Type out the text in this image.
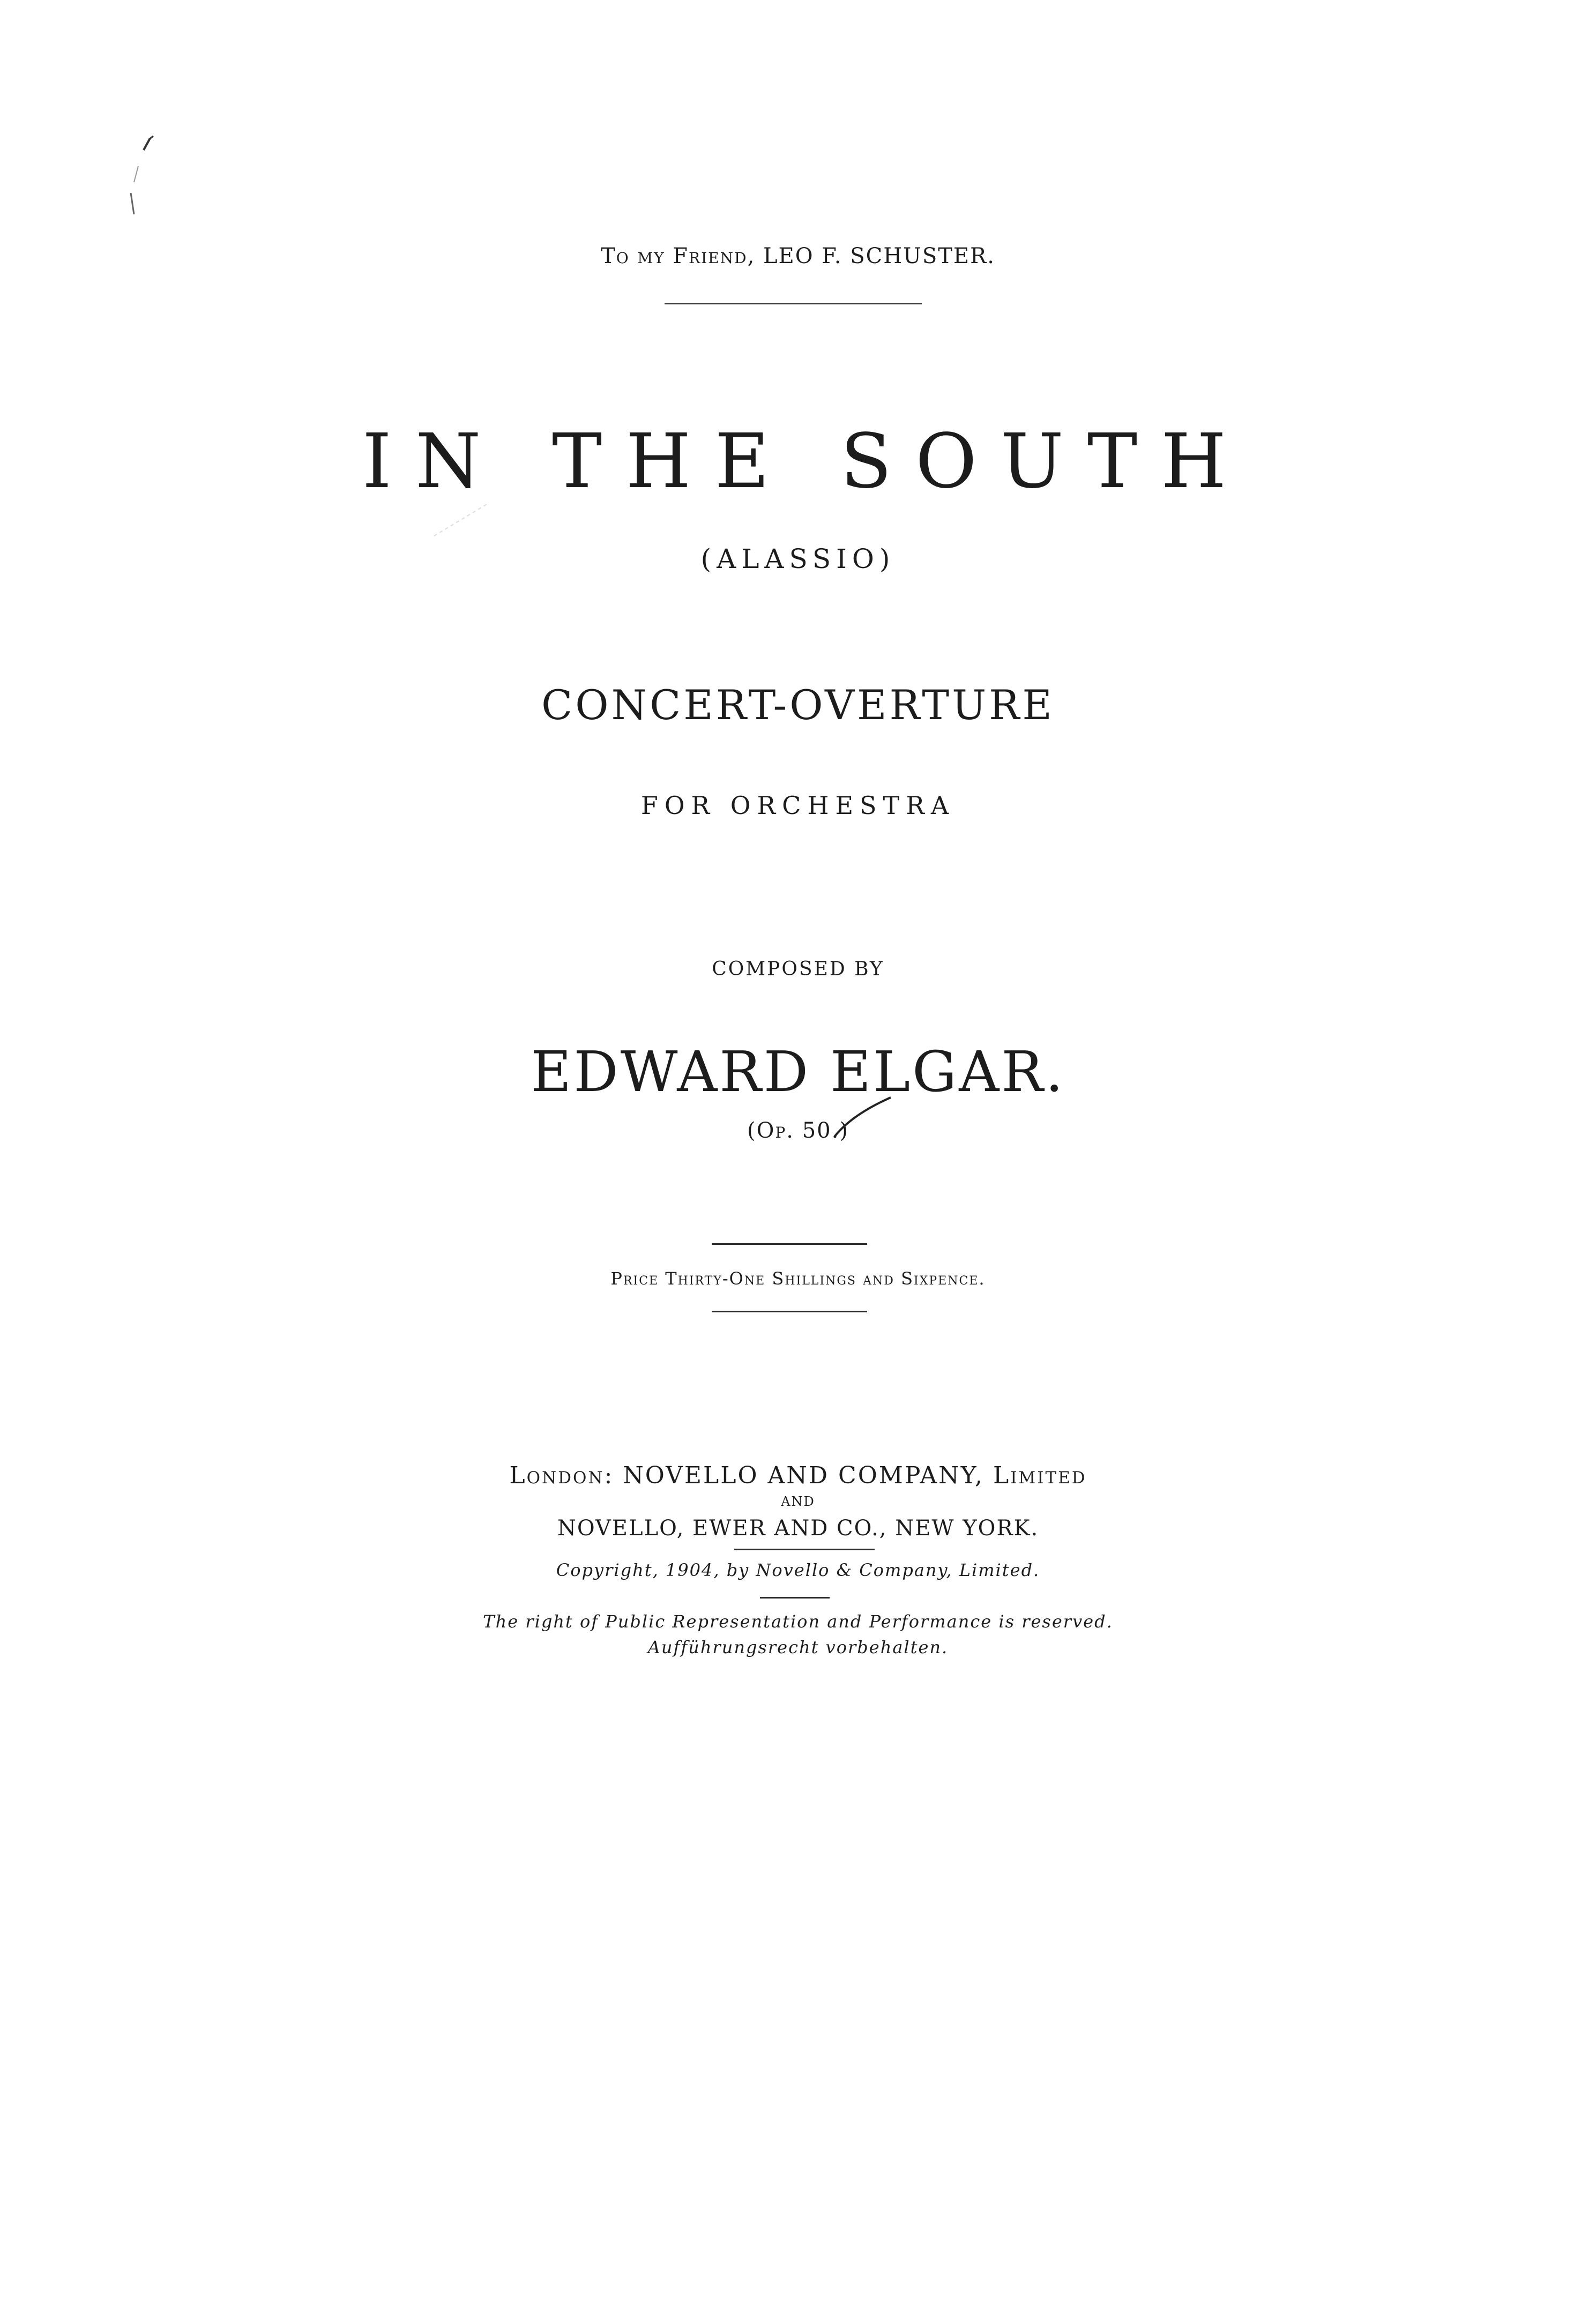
To my Friend, LEO F. SCHUSTER.
IN THE SOUTH
(ALASSIO)
CONCERT-OVERTURE
FOR ORCHESTRA
COMPOSED BY
EDWARD ELGAR.
(Op. 50.)
Price Thirty-One Shillings and Sixpence.
London: NOVELLO AND COMPANY, Limited
AND
NOVELLO, EWER AND CO., NEW YORK.
Copyright, 1904, by Novello & Company, Limited.
The right of Public Representation and Performance is reserved.
Aufführungsrecht vorbehalten.
